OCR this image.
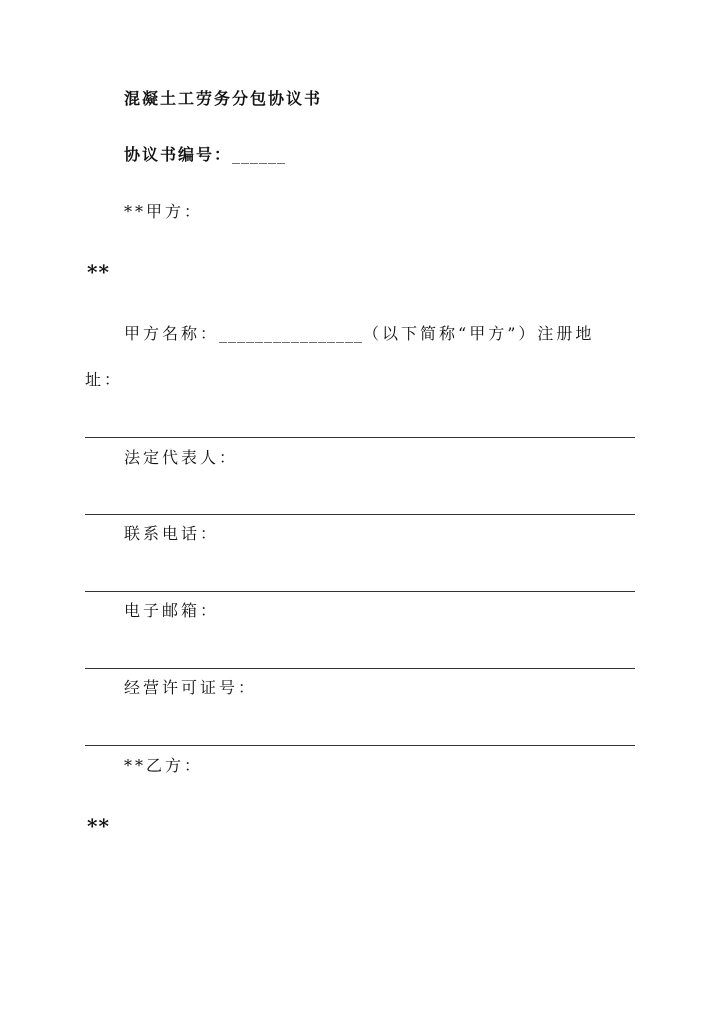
混凝土工劳务分包协议书
协议书编号：______
**甲方：
**
甲方名称：________________（以下简称“甲方”）注册地
址：
法定代表人：
联系电话：
电子邮箱：
经营许可证号：
**乙方：
**
